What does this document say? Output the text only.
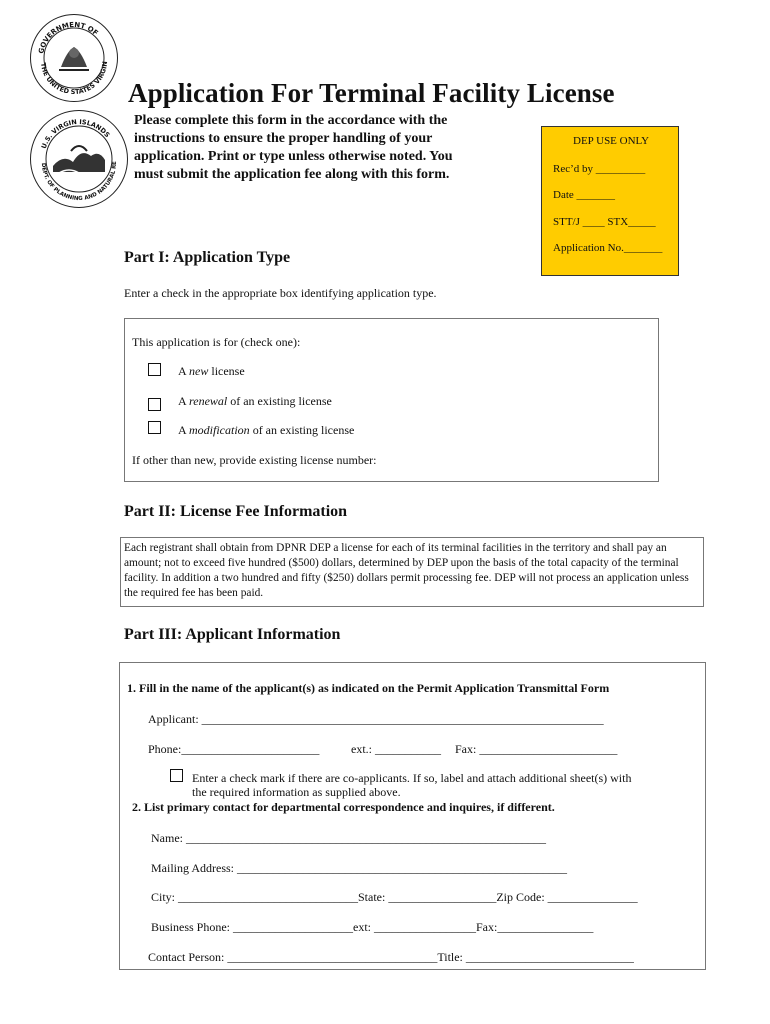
GOVERNMENT OF
THE UNITED STATES VIRGIN
U.S. VIRGIN ISLANDS
DEPT. OF PLANNING AND NATURAL RE
Application For Terminal Facility License
Please complete this form in the accordance with the instructions to ensure the proper handling of your application. Print or type unless otherwise noted. You must submit the application fee along with this form.
DEP USE ONLY
Rec’d by _________
Date _______
STT/J ____ STX_____
Application No._______
Part I: Application Type
Enter a check in the appropriate box identifying application type.
This application is for (check one):
A new license
A renewal of an existing license
A modification of an existing license
If other than new, provide existing license number:
Part II: License Fee Information
Each registrant shall obtain from DPNR DEP a license for each of its terminal facilities in the territory and shall pay an amount; not to exceed five hundred ($500) dollars, determined by DEP upon the basis of the total capacity of the terminal facility. In addition a two hundred and fifty ($250) dollars permit processing fee. DEP will not process an application unless the required fee has been paid.
Part III: Applicant Information
1. Fill in the name of the applicant(s) as indicated on the Permit Application Transmittal Form
Applicant: ___________________________________________________________________
Phone:_______________________	ext.: ___________ Fax: _______________________
Enter a check mark if there are co-applicants. If so, label and attach additional sheet(s) with
the required information as supplied above.
2. List primary contact for departmental correspondence and inquires, if different.
Name: ____________________________________________________________
Mailing Address: _______________________________________________________
City: ______________________________State: __________________Zip Code: _______________
Business Phone: ____________________ext: _________________Fax:________________
Contact Person: ___________________________________Title: ____________________________
